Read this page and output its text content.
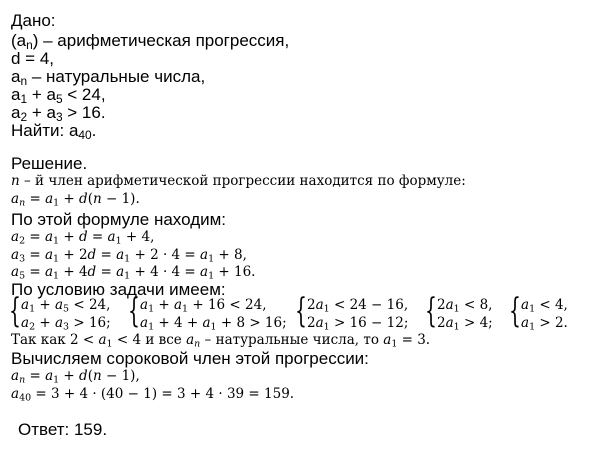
Дано:
$(a_n)$ – арифметическая прогрессия,
d = 4,
$a_n$ – натуральные числа,
$a_1 + a_5 < 24$,
$a_2 + a_3 > 16$.
Найти: $a_{40}$.
Решение.
n – й член арифметической прогрессии находится по формуле:
$a_n = a_1 + d(n - 1)$.
По этой формуле находим:
$a_2 = a_1 + d = a_1 + 4$,
$a_3 = a_1 + 2d = a_1 + 2 \cdot 4 = a_1 + 8$,
$a_5 = a_1 + 4d = a_1 + 4 \cdot 4 = a_1 + 16$.
По условию задачи имеем:
{ $a_1 + a_5 < 24$,
$a_2 + a_3 > 16$; { $a_1 + a_1 + 16 < 24$,
$a_1 + 4 + a_1 + 8 > 16$; { $2a_1 < 24 - 16$,
$2a_1 > 16 - 12$; { $2a_1 < 8$,
$2a_1 > 4$; { $a_1 < 4$,
$a_1 > 2$.
Так как $2 < a_1 < 4$ и все $a_n$ – натуральные числа, то $a_1 = 3$.
Вычисляем сороковой член этой прогрессии:
$a_n = a_1 + d(n - 1)$,
$a_{40} = 3 + 4 \cdot (40 - 1) = 3 + 4 \cdot 39 = 159$.
Ответ: 159.
